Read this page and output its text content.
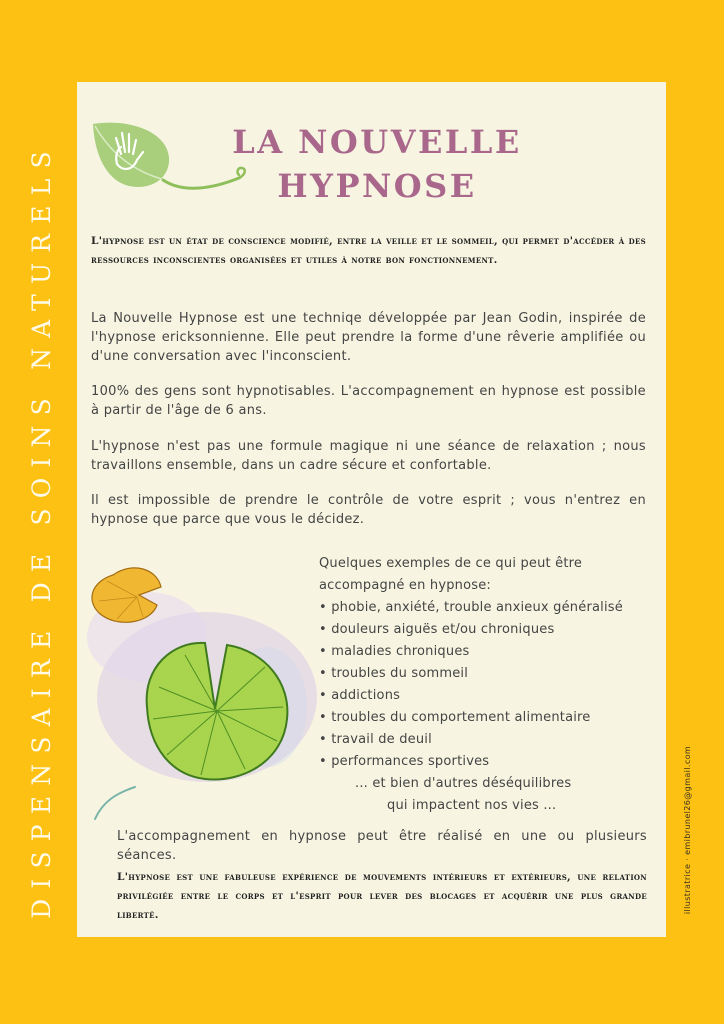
DISPENSAIRE DE SOINS NATURELS	illustratrice · emibrunel26@gmail.com
LA NOUVELLE
HYPNOSE
L'hypnose est un état de conscience modifié, entre la veille et le sommeil, qui permet d'accéder à des ressources inconscientes organisées et utiles à notre bon fonctionnement.

La Nouvelle Hypnose est une techniqe développée par Jean Godin, inspirée de l'hypnose ericksonnienne. Elle peut prendre la forme d'une rêverie amplifiée ou d'une conversation avec l'inconscient.

100% des gens sont hypnotisables. L'accompagnement en hypnose est possible à partir de l'âge de 6 ans.

L'hypnose n'est pas une formule magique ni une séance de relaxation ; nous travaillons ensemble, dans un cadre sécure et confortable.

Il est impossible de prendre le contrôle de votre esprit ; vous n'entrez en hypnose que parce que vous le décidez.

Quelques exemples de ce qui peut être accompagné en hypnose:
• phobie, anxiété, trouble anxieux généralisé
• douleurs aiguës et/ou chroniques
• maladies chroniques
• troubles du sommeil
• addictions
• troubles du comportement alimentaire
• travail de deuil
• performances sportives
... et bien d'autres déséquilibres
qui impactent nos vies ...

L'accompagnement en hypnose peut être réalisé en une ou plusieurs séances.

L'hypnose est une fabuleuse expérience de mouvements intérieurs et extérieurs, une relation privilégiée entre le corps et l'esprit pour lever des blocages et acquérir une plus grande liberté.
